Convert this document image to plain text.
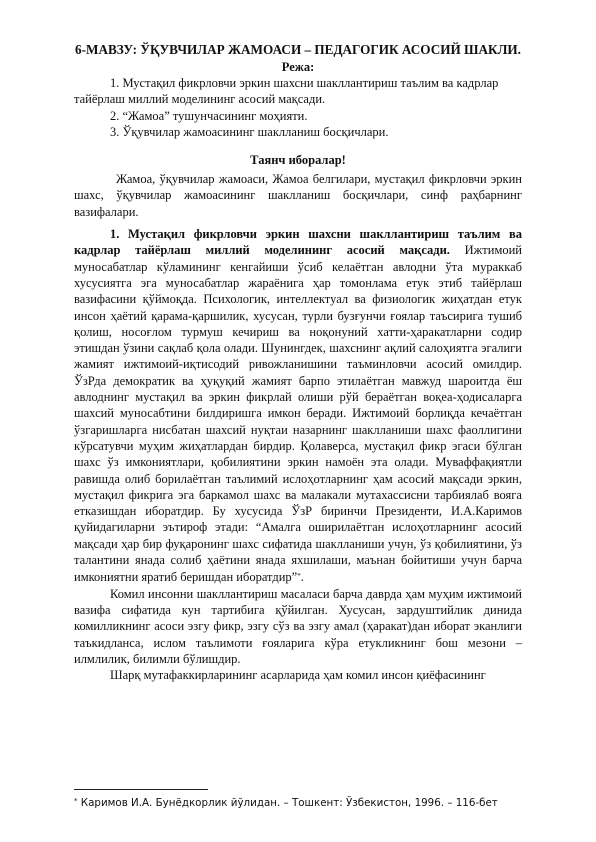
6-МАВЗУ: ЎҚУВЧИЛАР ЖАМОАСИ – ПЕДАГОГИК АСОСИЙ ШАКЛИ.
Режа:
1. Мустақил фикрловчи эркин шахсни шакллантириш таълим ва кадрлар тайёрлаш миллий моделининг асосий мақсади.
2. “Жамоа” тушунчасининг моҳияти.
3. Ўқувчилар жамоасининг шаклланиш босқичлари.
Таянч иборалар!

Жамоа, ўқувчилар жамоаси, Жамоа белгилари, мустақил фикрловчи эркин шахс, ўқувчилар жамоасининг шаклланиш босқичлари, синф раҳбарнинг вазифалари.

1. Мустақил фикрловчи эркин шахсни шакллантириш таълим ва кадрлар тайёрлаш миллий моделининг асосий мақсади. Ижтимоий муносабатлар кўламининг кенгайиши ўсиб келаётган авлодни ўта мураккаб хусусиятга эга муносабатлар жараёнига ҳар томонлама етук этиб тайёрлаш вазифасини қўймоқда. Психологик, интеллектуал ва физиологик жиҳатдан етук инсон ҳаётий қарама-қаршилик, хусусан, турли бузғунчи ғоялар таъсирига тушиб қолиш, носоғлом турмуш кечириш ва ноқонуний хатти-ҳаракатларни содир этишдан ўзини сақлаб қола олади. Шунингдек, шахснинг ақлий салоҳиятга эгалиги жамият ижтимоий-иқтисодий ривожланишини таъминловчи асосий омилдир. ЎзРда демократик ва ҳуқуқий жамият барпо этилаётган мавжуд шароитда ёш авлоднинг мустақил ва эркин фикрлай олиши рўй бераётган воқеа-ҳодисаларга шахсий муносабтини билдиришга имкон беради. Ижтимоий борлиқда кечаётган ўзгаришларга нисбатан шахсий нуқтаи назарнинг шаклланиши шахс фаоллигини кўрсатувчи муҳим жиҳатлардан бирдир. Қолаверса, мустақил фикр эгаси бўлган шахс ўз имкониятлари, қобилиятини эркин намоён эта олади. Муваффақиятли равишда олиб борилаётган таълимий ислоҳотларнинг ҳам асосий мақсади эркин, мустақил фикрига эга баркамол шахс ва малакали мутахассисни тарбиялаб вояга етказишдан иборатдир. Бу хусусида ЎзР биринчи Президенти, И.А.Каримов қуйидагиларни эътироф этади: “Амалга оширилаётган ислоҳотларнинг асосий мақсади ҳар бир фуқаронинг шахс сифатида шаклланиши учун, ўз қобилиятини, ўз талантини янада солиб ҳаётини янада яхшилаши, маънан бойитиши учун барча имкониятни яратиб беришдан иборатдир”*.

Комил инсонни шакллантириш масаласи барча даврда ҳам муҳим ижтимоий вазифа сифатида кун тартибига қўйилган. Хусусан, зардуштийлик динида комилликнинг асоси эзгу фикр, эзгу сўз ва эзгу амал (ҳаракат)дан иборат эканлиги таъкидланса, ислом таълимоти ғояларига кўра етукликнинг бош мезони – илмлилик, билимли бўлишдир.

Шарқ мутафаккирларининг асарларида ҳам комил инсон қиёфасининг

* Каримов И.А. Бунёдкорлик йўлидан. – Тошкент: Ўзбекистон, 1996. – 116-бет
